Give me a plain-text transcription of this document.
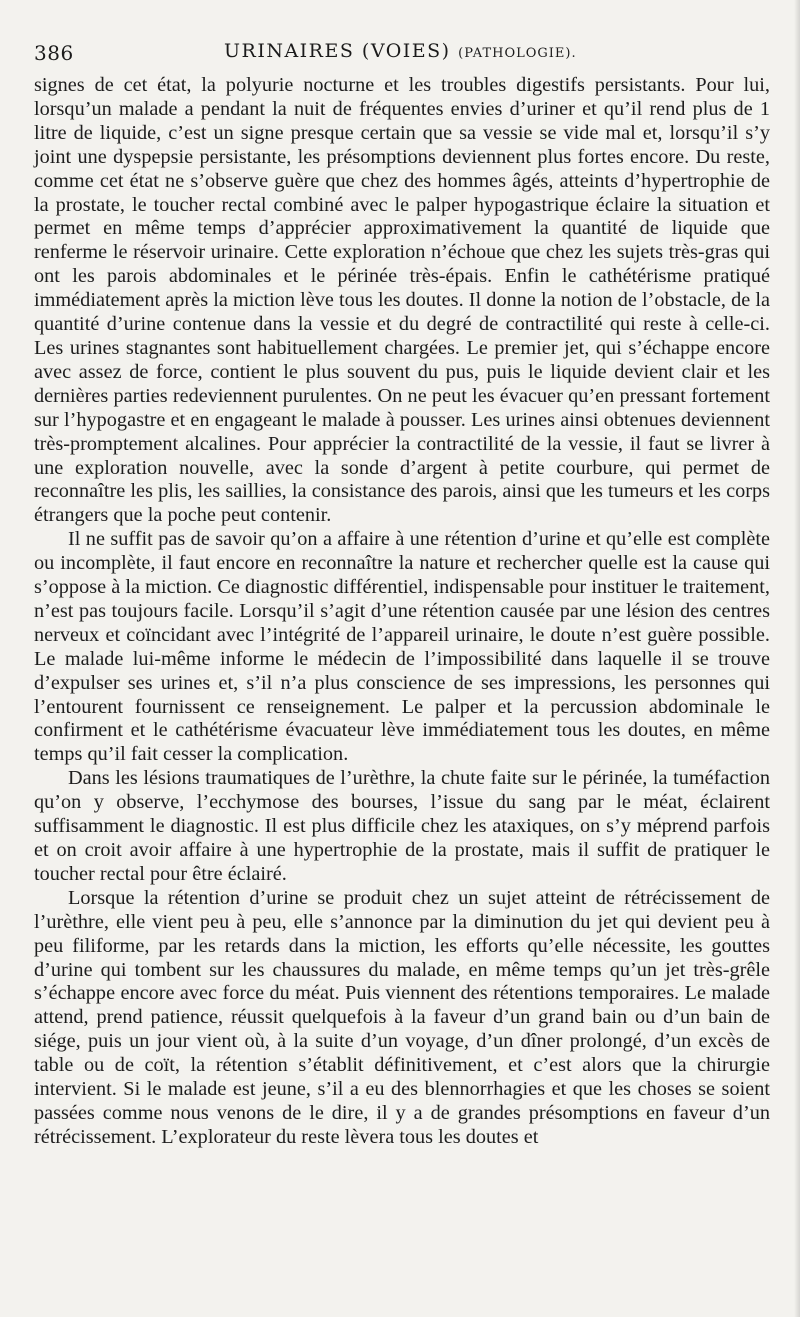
386	URINAIRES (VOIES) (PATHOLOGIE).

signes de cet état, la polyurie nocturne et les troubles digestifs persistants. Pour lui, lorsqu’un malade a pendant la nuit de fréquentes envies d’uriner et qu’il rend plus de 1 litre de liquide, c’est un signe presque certain que sa vessie se vide mal et, lorsqu’il s’y joint une dyspepsie persistante, les présomptions deviennent plus fortes encore. Du reste, comme cet état ne s’observe guère que chez des hommes âgés, atteints d’hypertrophie de la prostate, le toucher rectal combiné avec le palper hypogastrique éclaire la situation et permet en même temps d’apprécier approximativement la quantité de liquide que renferme le réservoir urinaire. Cette exploration n’échoue que chez les sujets très-gras qui ont les parois abdominales et le périnée très-épais. Enfin le cathétérisme pratiqué immédiatement après la miction lève tous les doutes. Il donne la notion de l’obstacle, de la quantité d’urine contenue dans la vessie et du degré de contractilité qui reste à celle-ci. Les urines stagnantes sont habituellement chargées. Le premier jet, qui s’échappe encore avec assez de force, contient le plus souvent du pus, puis le liquide devient clair et les dernières parties redeviennent purulentes. On ne peut les évacuer qu’en pressant fortement sur l’hypogastre et en engageant le malade à pousser. Les urines ainsi obtenues deviennent très-promptement alcalines. Pour apprécier la contractilité de la vessie, il faut se livrer à une exploration nouvelle, avec la sonde d’argent à petite courbure, qui permet de reconnaître les plis, les saillies, la consistance des parois, ainsi que les tumeurs et les corps étrangers que la poche peut contenir.

Il ne suffit pas de savoir qu’on a affaire à une rétention d’urine et qu’elle est complète ou incomplète, il faut encore en reconnaître la nature et rechercher quelle est la cause qui s’oppose à la miction. Ce diagnostic différentiel, indispensable pour instituer le traitement, n’est pas toujours facile. Lorsqu’il s’agit d’une rétention causée par une lésion des centres nerveux et coïncidant avec l’intégrité de l’appareil urinaire, le doute n’est guère possible. Le malade lui-même informe le médecin de l’impossibilité dans laquelle il se trouve d’expulser ses urines et, s’il n’a plus conscience de ses impressions, les personnes qui l’entourent fournissent ce renseignement. Le palper et la percussion abdominale le confirment et le cathétérisme évacuateur lève immédiatement tous les doutes, en même temps qu’il fait cesser la complication.

Dans les lésions traumatiques de l’urèthre, la chute faite sur le périnée, la tuméfaction qu’on y observe, l’ecchymose des bourses, l’issue du sang par le méat, éclairent suffisamment le diagnostic. Il est plus difficile chez les ataxiques, on s’y méprend parfois et on croit avoir affaire à une hypertrophie de la prostate, mais il suffit de pratiquer le toucher rectal pour être éclairé.

Lorsque la rétention d’urine se produit chez un sujet atteint de rétrécissement de l’urèthre, elle vient peu à peu, elle s’annonce par la diminution du jet qui devient peu à peu filiforme, par les retards dans la miction, les efforts qu’elle nécessite, les gouttes d’urine qui tombent sur les chaussures du malade, en même temps qu’un jet très-grêle s’échappe encore avec force du méat. Puis viennent des rétentions temporaires. Le malade attend, prend patience, réussit quelquefois à la faveur d’un grand bain ou d’un bain de siége, puis un jour vient où, à la suite d’un voyage, d’un dîner prolongé, d’un excès de table ou de coït, la rétention s’établit définitivement, et c’est alors que la chirurgie intervient. Si le malade est jeune, s’il a eu des blennorrhagies et que les choses se soient passées comme nous venons de le dire, il y a de grandes présomptions en faveur d’un rétrécissement. L’explorateur du reste lèvera tous les doutes et
